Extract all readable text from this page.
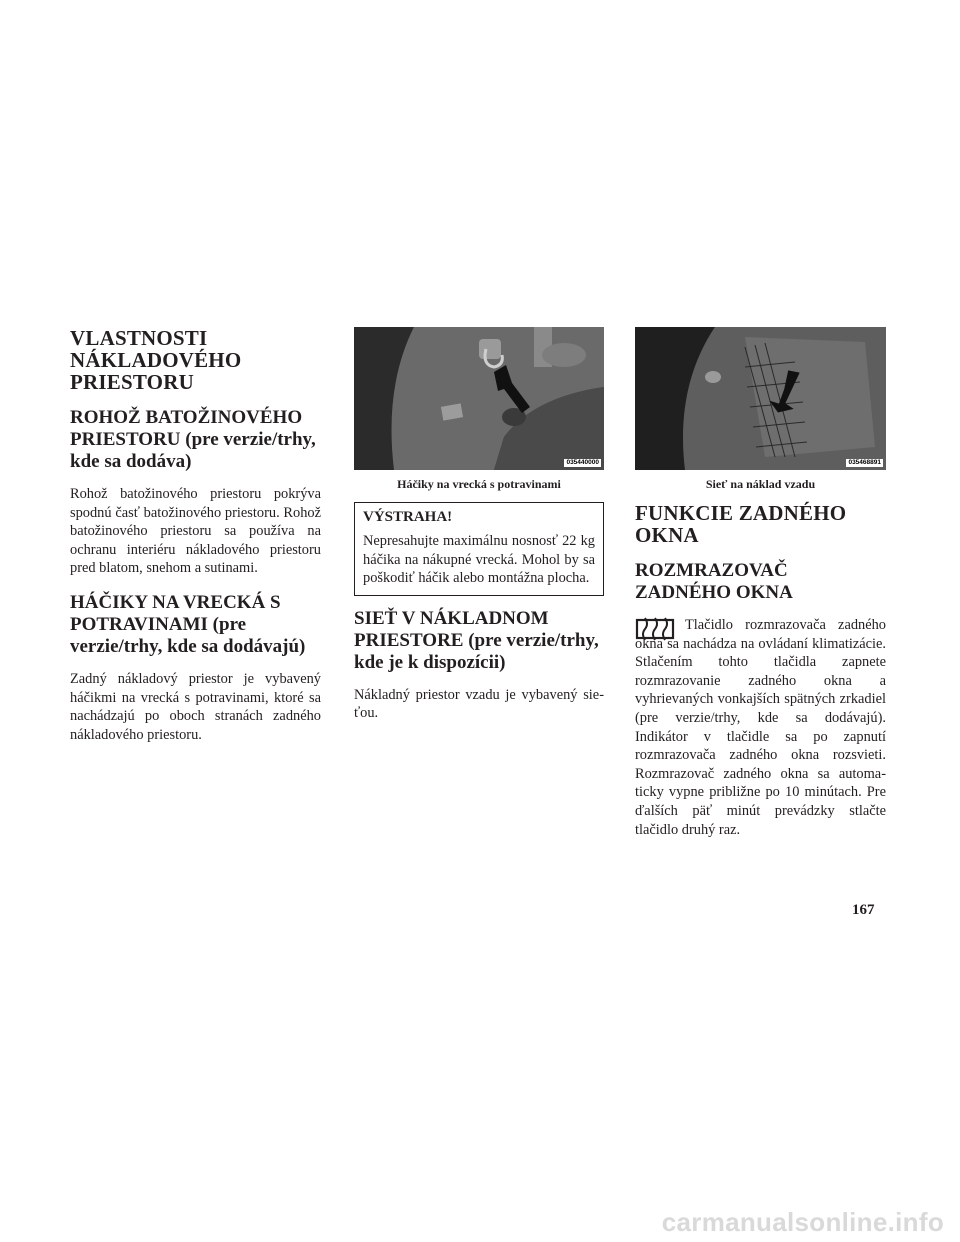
VLASTNOSTI NÁKLADOVÉHO PRIESTORU
ROHOŽ BATOŽINOVÉHO PRIESTORU (pre verzie/trhy, kde sa dodáva)

Rohož batožinového priestoru pokrýva spodnú časť batožinového priestoru. Rohož batožinového priestoru sa používa na ochranu interiéru nákladového priestoru pred blatom, snehom a sutinami.

HÁČIKY NA VRECKÁ S POTRAVINAMI (pre verzie/trhy, kde sa dodávajú)

Zadný nákladový priestor je vybavený háčikmi na vrecká s potravinami, ktoré sa nachádzajú po oboch stranách zadného nákladového priestoru.

035440000
Háčiky na vrecká s potravinami
VÝSTRAHA!

Nepresahujte maximálnu nosnosť 22 kg háčika na nákupné vrecká. Mohol by sa poškodiť háčik alebo montážna plocha.

SIEŤ V NÁKLADNOM PRIESTORE (pre verzie/trhy, kde je k dispozícii)

Nákladný priestor vzadu je vybavený sieťou.

035468891
Sieť na náklad vzadu
FUNKCIE ZADNÉHO OKNA
ROZMRAZOVAČ ZADNÉHO OKNA

Tlačidlo rozmrazovača zadného okna sa nachádza na ovládaní klimatizácie. Stlačením tohto tlačidla zapnete rozmrazovanie zadného okna a vyhrievaných vonkajších spätných zrkadiel (pre verzie/trhy, kde sa dodávajú). Indikátor v tlačidle sa po zapnutí rozmrazovača zadného okna rozsvieti. Rozmrazovač zadného okna sa automaticky vypne približne po 10 minútach. Pre ďalších päť minút prevádzky stlačte tlačidlo druhý raz.

167
carmanualsonline.info
